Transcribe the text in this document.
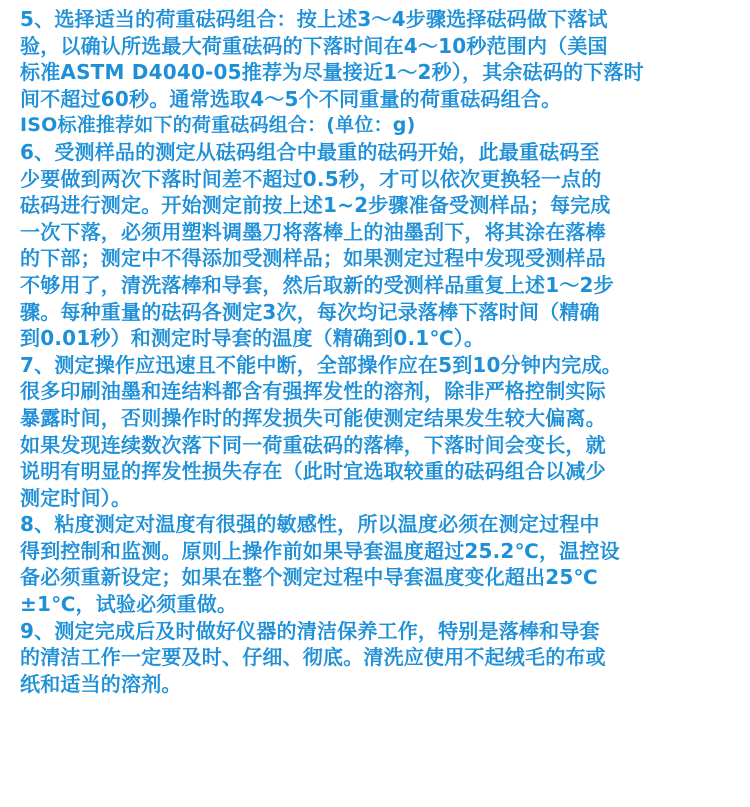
5、选择适当的荷重砝码组合：按上述3～4步骤选择砝码做下落试
验，以确认所选最大荷重砝码的下落时间在4～10秒范围内（美国
标准ASTM D4040-05推荐为尽量接近1～2秒），其余砝码的下落时
间不超过60秒。通常选取4～5个不同重量的荷重砝码组合。
ISO标准推荐如下的荷重砝码组合：(单位：g)
6、受测样品的测定从砝码组合中最重的砝码开始，此最重砝码至
少要做到两次下落时间差不超过0.5秒，才可以依次更换轻一点的
砝码进行测定。开始测定前按上述1~2步骤准备受测样品；每完成
一次下落，必须用塑料调墨刀将落棒上的油墨刮下，将其涂在落棒
的下部；测定中不得添加受测样品；如果测定过程中发现受测样品
不够用了，清洗落棒和导套，然后取新的受测样品重复上述1～2步
骤。每种重量的砝码各测定3次，每次均记录落棒下落时间（精确
到0.01秒）和测定时导套的温度（精确到0.1℃）。
7、测定操作应迅速且不能中断，全部操作应在5到10分钟内完成。
很多印刷油墨和连结料都含有强挥发性的溶剂，除非严格控制实际
暴露时间，否则操作时的挥发损失可能使测定结果发生较大偏离。
如果发现连续数次落下同一荷重砝码的落棒，下落时间会变长，就
说明有明显的挥发性损失存在（此时宜选取较重的砝码组合以减少
测定时间）。
8、粘度测定对温度有很强的敏感性，所以温度必须在测定过程中
得到控制和监测。原则上操作前如果导套温度超过25.2℃，温控设
备必须重新设定；如果在整个测定过程中导套温度变化超出25℃
±1℃，试验必须重做。
9、测定完成后及时做好仪器的清洁保养工作，特别是落棒和导套
的清洁工作一定要及时、仔细、彻底。清洗应使用不起绒毛的布或
纸和适当的溶剂。
